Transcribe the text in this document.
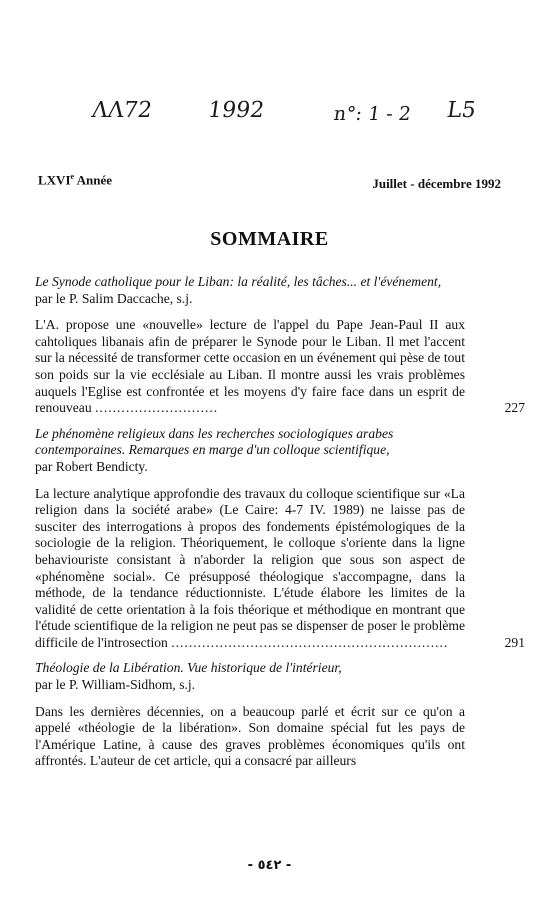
ΛΛ72 1992	n°: 1 - 2 L5
LXVIe Année	Juillet - décembre 1992
SOMMAIRE
Le Synode catholique pour le Liban: la réalité, les tâches... et l'événement,
par le P. Salim Daccache, s.j.
L'A. propose une «nouvelle» lecture de l'appel du Pape Jean-Paul II aux cahtoliques libanais afin de préparer le Synode pour le Liban. Il met l'accent sur la nécessité de transformer cette occasion en un événement qui pèse de tout son poids sur la vie ecclésiale au Liban. Il montre aussi les vrais problèmes auquels l'Eglise est confrontée et les moyens d'y faire face dans un esprit de renouveau ............................	227
Le phénomène religieux dans les recherches sociologiques arabes contemporaines. Remarques en marge d'un colloque scientifique,
par Robert Bendicty.
La lecture analytique approfondie des travaux du colloque scientifique sur «La religion dans la société arabe» (Le Caire: 4-7 IV. 1989) ne laisse pas de susciter des interrogations à propos des fondements épistémologiques de la sociologie de la religion. Théoriquement, le colloque s'oriente dans la ligne behaviouriste consistant à n'aborder la religion que sous son aspect de «phénomène social». Ce présupposé théologique s'accompagne, dans la méthode, de la tendance réductionniste. L'étude élabore les limites de la validité de cette orientation à la fois théorique et méthodique en montrant que l'étude scientifique de la religion ne peut pas se dispenser de poser le problème difficile de l'introsection ...............................................................	291
Théologie de la Libération. Vue historique de l'intérieur,
par le P. William-Sidhom, s.j.
Dans les dernières décennies, on a beaucoup parlé et écrit sur ce qu'on a appelé «théologie de la libération». Son domaine spécial fut les pays de l'Amérique Latine, à cause des graves problèmes économiques qu'ils ont affrontés. L'auteur de cet article, qui a consacré par ailleurs
- ٥٤٢ -
